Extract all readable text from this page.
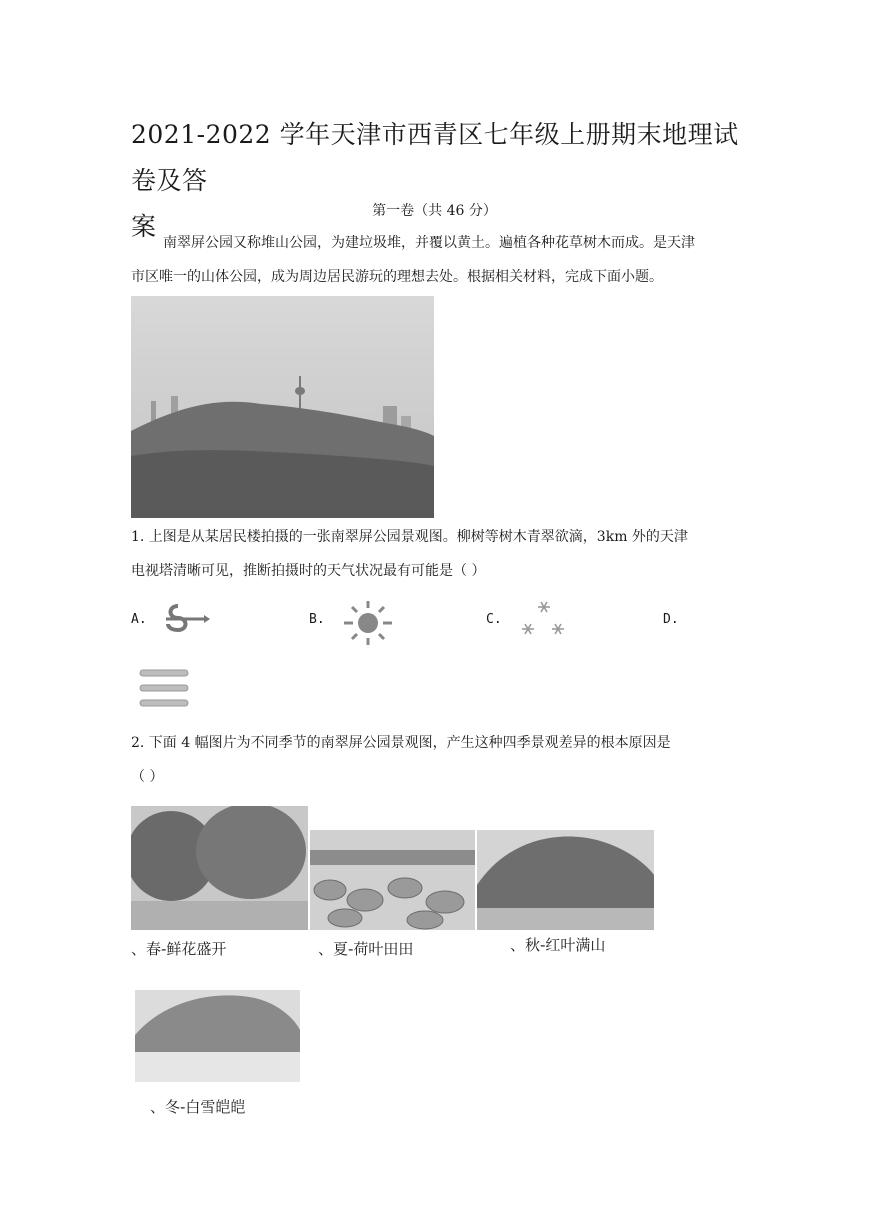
2021-2022 学年天津市西青区七年级上册期末地理试卷及答
案
第一卷（共 46 分）
南翠屏公园又称堆山公园，为建垃圾堆，并覆以黄土。遍植各种花草树木而成。是天津
市区唯一的山体公园，成为周边居民游玩的理想去处。根据相关材料，完成下面小题。
1. 上图是从某居民楼拍摄的一张南翠屏公园景观图。柳树等树木青翠欲滴，3km 外的天津
电视塔清晰可见，推断拍摄时的天气状况最有可能是（ ）
A.	B.	C.	D.
2. 下面 4 幅图片为不同季节的南翠屏公园景观图，产生这种四季景观差异的根本原因是
（ ）
、春-鲜花盛开	、夏-荷叶田田	、秋-红叶满山
、冬-白雪皑皑
